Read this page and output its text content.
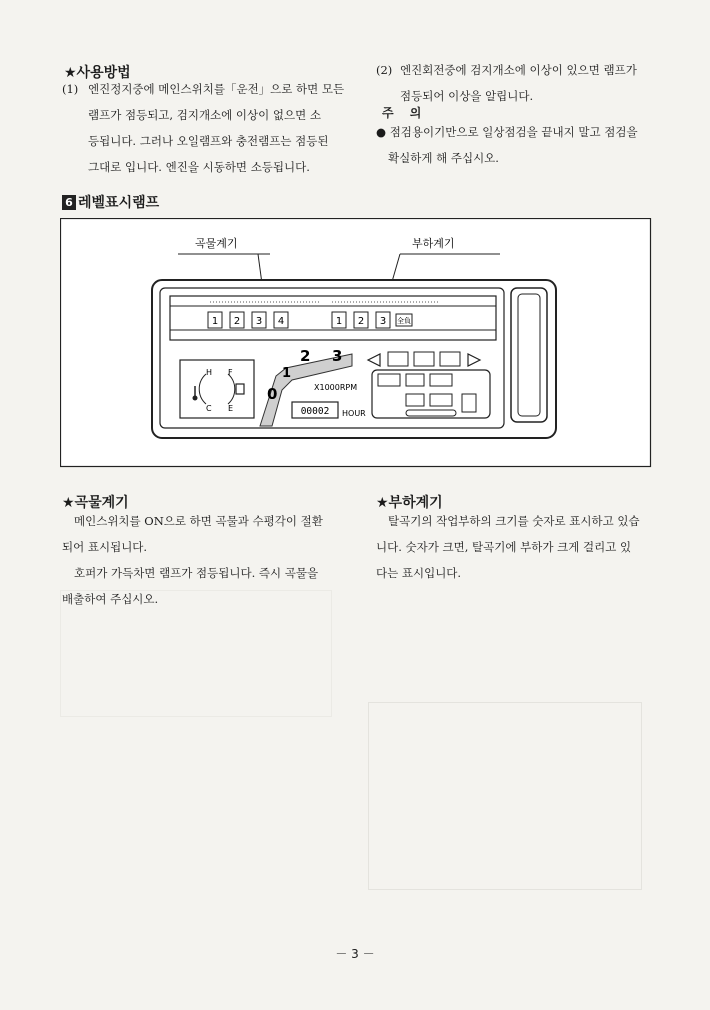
★사용방법
(1) 엔진정지중에 메인스위치를「운전」으로 하면 모든
램프가 점등되고, 검지개소에 이상이 없으면 소
등됩니다. 그러나 오일램프와 충전램프는 점등된
그대로 입니다. 엔진을 시동하면 소등됩니다.
(2) 엔진회전중에 검지개소에 이상이 있으면 램프가
점등되어 이상을 알립니다.
주 의
● 점검용이기만으로 일상점검을 끝내지 말고 점검을
확실하게 해 주십시오.
6 레벨표시램프
곡물계기	부하계기
1 2 3 4	1 2 3 全負
H
C
F
E
0
1
2 3
X1000RPM
00002 HOUR
★곡물계기
메인스위치를 ON으로 하면 곡물과 수평각이 절환
되어 표시됩니다.
호퍼가 가득차면 램프가 점등됩니다. 즉시 곡물을
배출하여 주십시오.
★부하계기
탈곡기의 작업부하의 크기를 숫자로 표시하고 있습
니다. 숫자가 크면, 탈곡기에 부하가 크게 걸리고 있
다는 표시입니다.
－ 3 －
